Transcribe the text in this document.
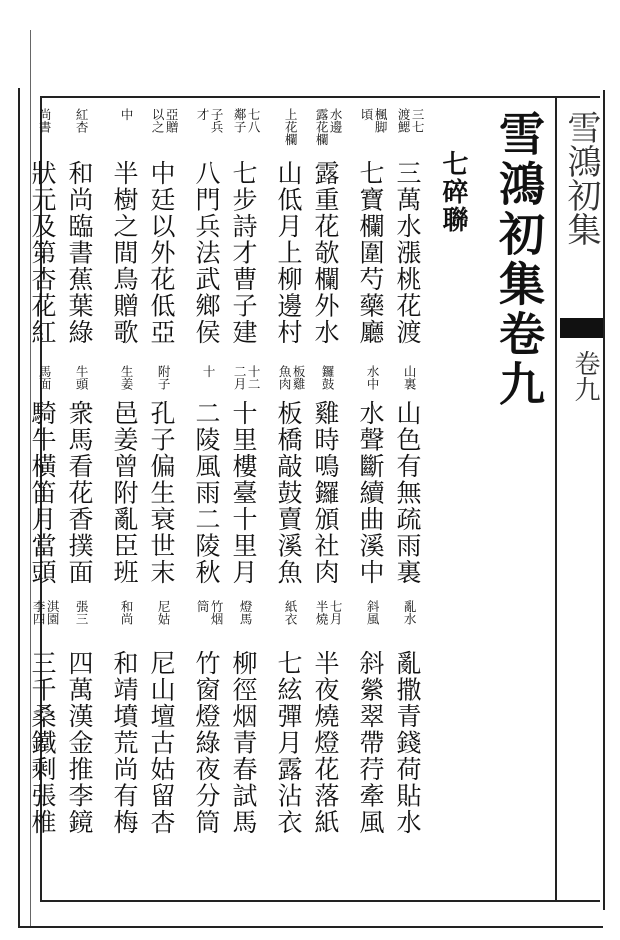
雪鴻初集
卷九
雪鴻初集卷九
七碎聯
三七
渡鰓
三萬水漲桃花渡
楓脚
頃
七寶欄圍芍藥廳
水邊
露花欄
露重花欹欄外水
上花欄
山低月上柳邊村
七八
鄰子
七步詩才曹子建
子兵
才
八門兵法武鄉侯
亞贈
以之
中廷以外花低亞
中
半樹之間鳥贈歌
紅杏
和尚臨書蕉葉綠
尚書
狀元及第杏花紅
山裏
山色有無疏雨裏
水中
水聲斷續曲溪中
鑼鼓
雞時鳴鑼頒社肉
板雞
魚肉
板橋敲鼓賣溪魚
十二
二月
十里樓臺十里月
十
二陵風雨二陵秋
附子
孔子偏生衰世末
生姜
邑姜曾附亂臣班
牛頭
衆馬看花香撲面
馬面
騎牛橫笛月當頭
亂水
亂撒青錢荷貼水
斜風
斜縈翠帶荇牽風
七月
半燒
半夜燒燈花落紙
紙衣
七絃彈月露沾衣
燈馬
柳徑烟青春試馬
竹烟
筒
竹窗燈綠夜分筒
尼姑
尼山壇古姑留杏
和尚
和靖墳荒尚有梅
張三
四萬漢金推李鏡
淇園
李四
三千桑鐵剩張椎
